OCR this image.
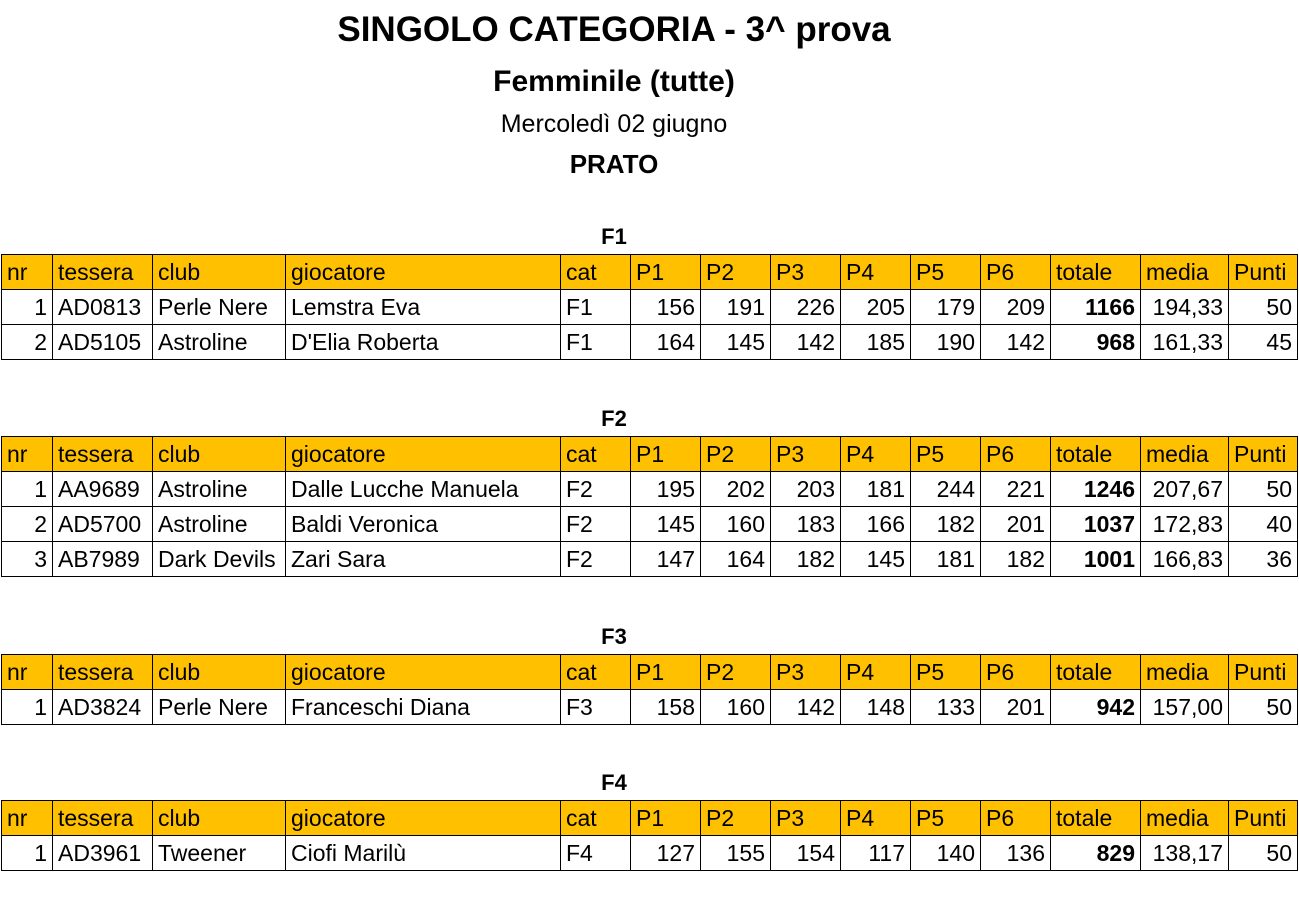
SINGOLO CATEGORIA - 3^ prova
Femminile (tutte)
Mercoledì 02 giugno
PRATO
F1
nr	tessera	club	giocatore	cat	P1	P2	P3	P4	P5	P6	totale	media	Punti
1	AD0813	Perle Nere	Lemstra Eva	F1	156	191	226	205	179	209	1166	194,33	50
2	AD5105	Astroline	D'Elia Roberta	F1	164	145	142	185	190	142	968	161,33	45
F2
nr	tessera	club	giocatore	cat	P1	P2	P3	P4	P5	P6	totale	media	Punti
1	AA9689	Astroline	Dalle Lucche Manuela	F2	195	202	203	181	244	221	1246	207,67	50
2	AD5700	Astroline	Baldi Veronica	F2	145	160	183	166	182	201	1037	172,83	40
3	AB7989	Dark Devils	Zari Sara	F2	147	164	182	145	181	182	1001	166,83	36
F3
nr	tessera	club	giocatore	cat	P1	P2	P3	P4	P5	P6	totale	media	Punti
1	AD3824	Perle Nere	Franceschi Diana	F3	158	160	142	148	133	201	942	157,00	50
F4
nr	tessera	club	giocatore	cat	P1	P2	P3	P4	P5	P6	totale	media	Punti
1	AD3961	Tweener	Ciofi Marilù	F4	127	155	154	117	140	136	829	138,17	50
